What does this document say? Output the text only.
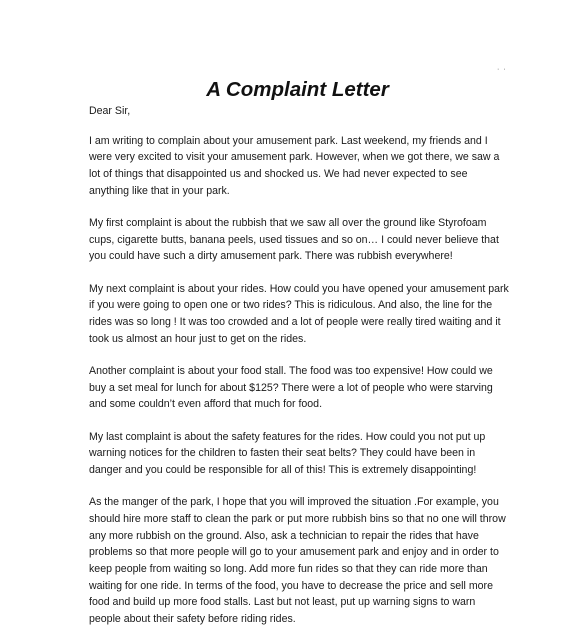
· ·
A Complaint Letter

Dear Sir,

I am writing to complain about your amusement park. Last weekend, my friends and I were very excited to visit your amusement park. However, when we got there, we saw a lot of things that disappointed us and shocked us. We had never expected to see anything like that in your park.

My first complaint is about the rubbish that we saw all over the ground like Styrofoam cups, cigarette butts, banana peels, used tissues and so on… I could never believe that you could have such a dirty amusement park. There was rubbish everywhere!

My next complaint is about your rides. How could you have opened your amusement park if you were going to open one or two rides? This is ridiculous. And also, the line for the rides was so long ! It was too crowded and a lot of people were really tired waiting and it took us almost an hour just to get on the rides.

Another complaint is about your food stall. The food was too expensive! How could we buy a set meal for lunch for about $125? There were a lot of people who were starving and some couldn’t even afford that much for food.

My last complaint is about the safety features for the rides. How could you not put up warning notices for the children to fasten their seat belts? They could have been in danger and you could be responsible for all of this! This is extremely disappointing!

As the manger of the park, I hope that you will improved the situation .For example, you should hire more staff to clean the park or put more rubbish bins so that no one will throw any more rubbish on the ground. Also, ask a technician to repair the rides that have problems so that more people will go to your amusement park and enjoy and in order to keep people from waiting so long. Add more fun rides so that they can ride more than waiting for one ride. In terms of the food, you have to decrease the price and sell more food and build up more food stalls. Last but not least, put up warning signs to warn people about their safety before riding rides.
